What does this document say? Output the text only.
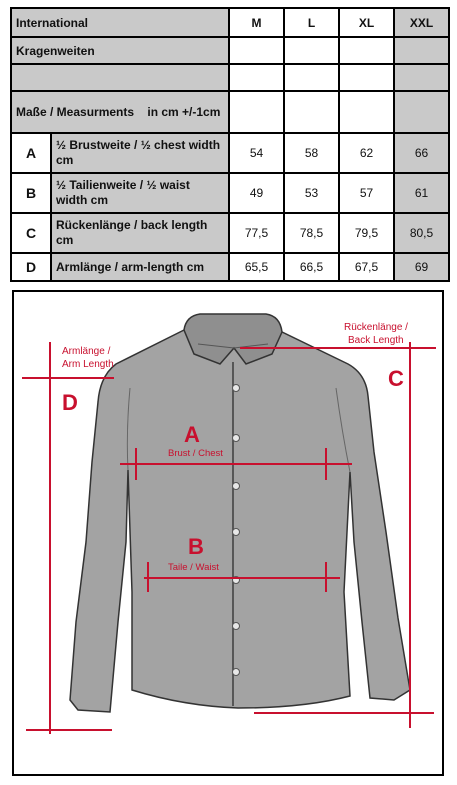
International		M	L	XL	XXL
Kragenweiten					

Maße / Measurments    in cm +/-1cm					
A	½ Brustweite / ½ chest width cm	54	58	62	66
B	½ Tailienweite / ½ waist width cm	49	53	57	61
C	Rückenlänge / back length cm	77,5	78,5	79,5	80,5
D	Armlänge / arm-length cm	65,5	66,5	67,5	69
Armlänge /
Arm Length
D
Rückenlänge /
Back Length
C
A
Brust / Chest
B
Taile / Waist
